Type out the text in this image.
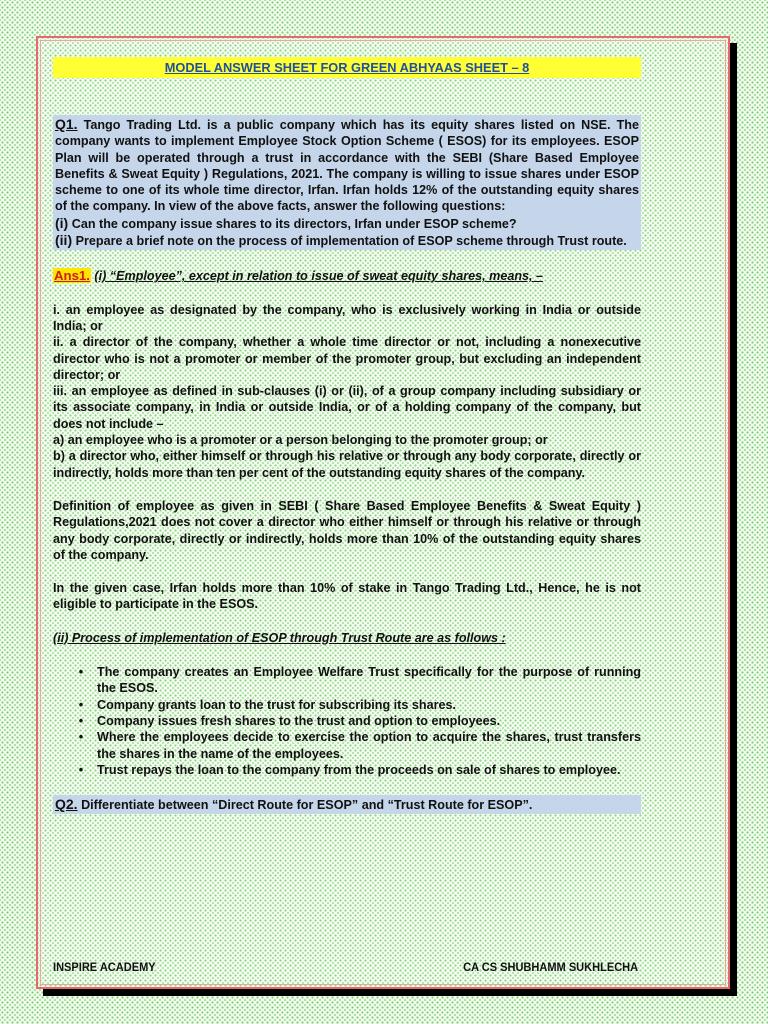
MODEL ANSWER SHEET FOR GREEN ABHYAAS SHEET – 8

Q1. Tango Trading Ltd. is a public company which has its equity shares listed on NSE. The company wants to implement Employee Stock Option Scheme ( ESOS) for its employees. ESOP Plan will be operated through a trust in accordance with the SEBI (Share Based Employee Benefits & Sweat Equity ) Regulations, 2021. The company is willing to issue shares under ESOP scheme to one of its whole time director, Irfan. Irfan holds 12% of the outstanding equity shares of the company. In view of the above facts, answer the following questions:

(i) Can the company issue shares to its directors, Irfan under ESOP scheme?

(ii) Prepare a brief note on the process of implementation of ESOP scheme through Trust route.

Ans1. (i) “Employee”, except in relation to issue of sweat equity shares, means, –

i. an employee as designated by the company, who is exclusively working in India or outside India; or

ii. a director of the company, whether a whole time director or not, including a nonexecutive director who is not a promoter or member of the promoter group, but excluding an independent director; or

iii. an employee as defined in sub-clauses (i) or (ii), of a group company including subsidiary or its associate company, in India or outside India, or of a holding company of the company, but does not include –

a) an employee who is a promoter or a person belonging to the promoter group; or

b) a director who, either himself or through his relative or through any body corporate, directly or indirectly, holds more than ten per cent of the outstanding equity shares of the company.

Definition of employee as given in SEBI ( Share Based Employee Benefits & Sweat Equity ) Regulations,2021 does not cover a director who either himself or through his relative or through any body corporate, directly or indirectly, holds more than 10% of the outstanding equity shares of the company.

In the given case, Irfan holds more than 10% of stake in Tango Trading Ltd., Hence, he is not eligible to participate in the ESOS.

(ii) Process of implementation of ESOP through Trust Route are as follows :

•	The company creates an Employee Welfare Trust specifically for the purpose of running the ESOS.
•	Company grants loan to the trust for subscribing its shares.
•	Company issues fresh shares to the trust and option to employees.
•	Where the employees decide to exercise the option to acquire the shares, trust transfers the shares in the name of the employees.
•	Trust repays the loan to the company from the proceeds on sale of shares to employee.

Q2. Differentiate between “Direct Route for ESOP” and “Trust Route for ESOP”.

INSPIRE ACADEMY	CA CS SHUBHAMM SUKHLECHA
